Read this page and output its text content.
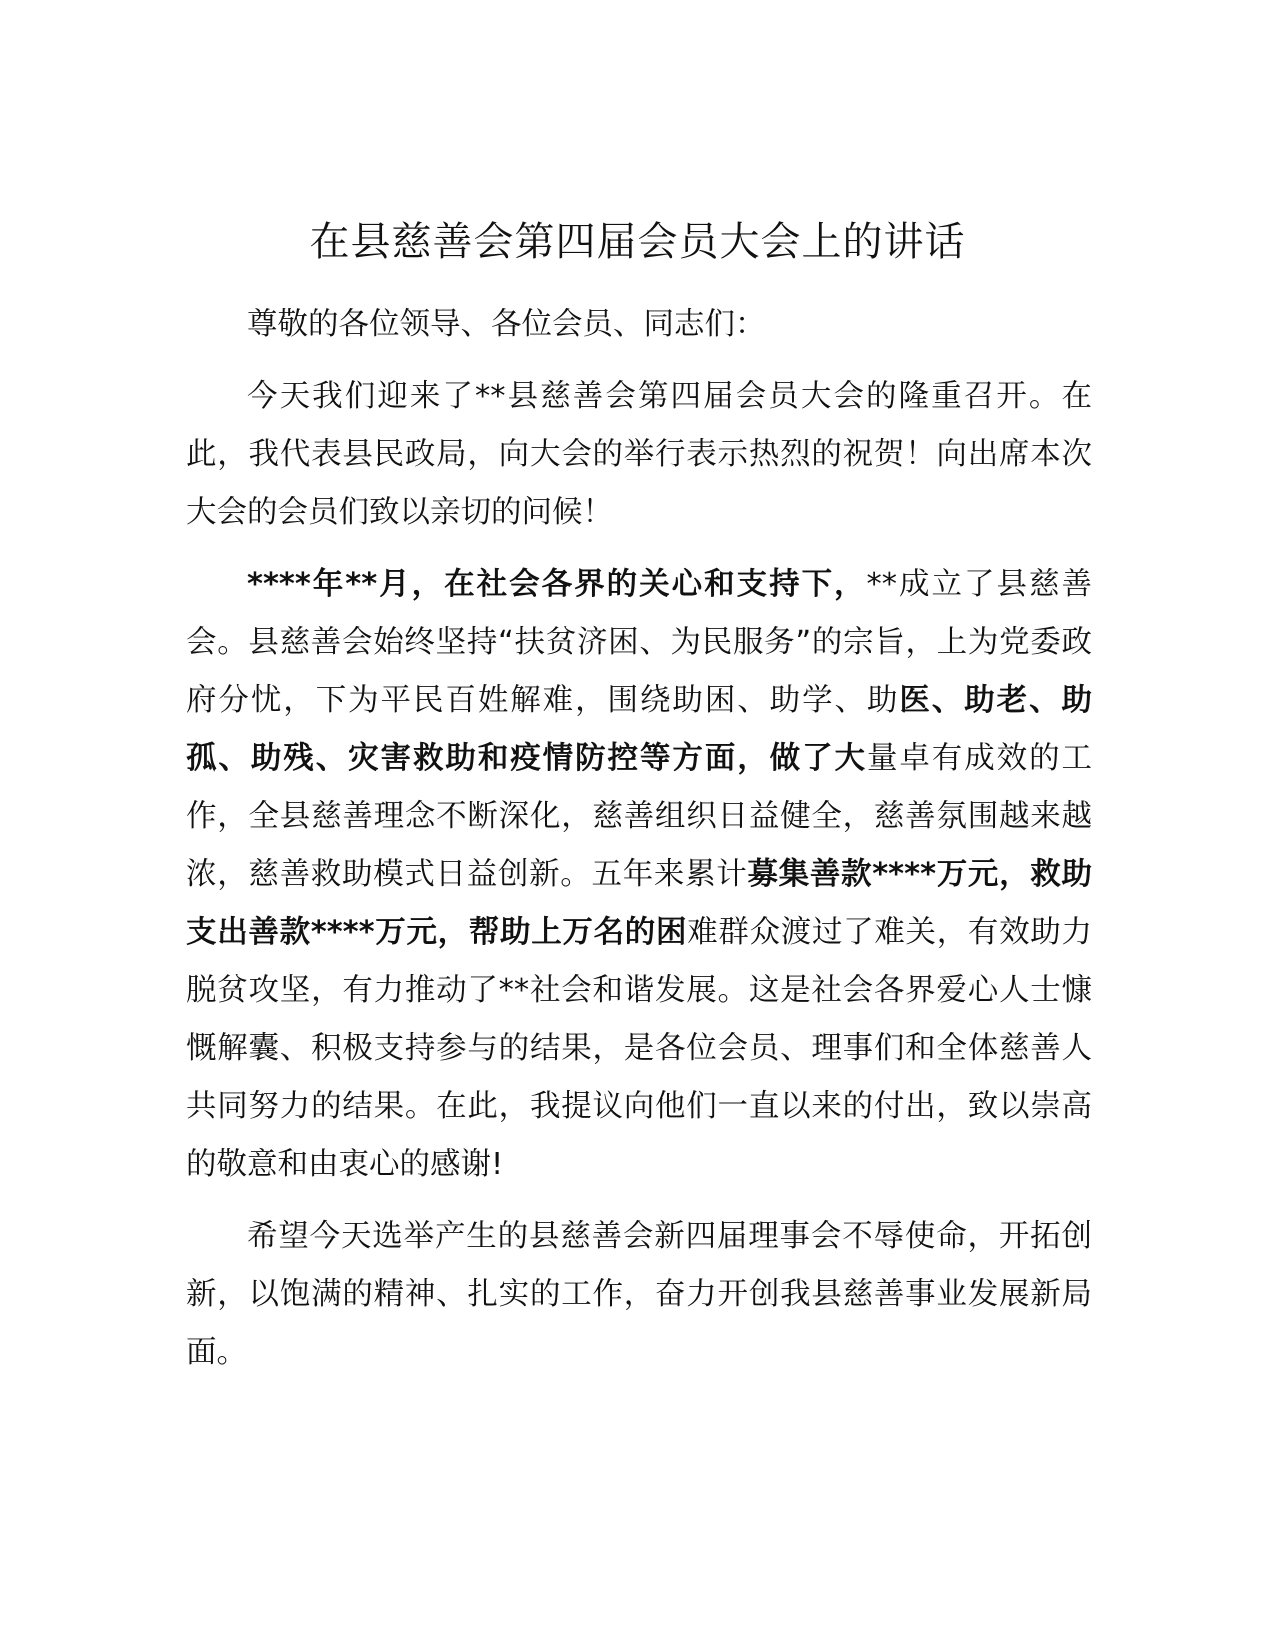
在县慈善会第四届会员大会上的讲话

尊敬的各位领导、各位会员、同志们：

今天我们迎来了**县慈善会第四届会员大会的隆重召开。在此，我代表县民政局，向大会的举行表示热烈的祝贺！向出席本次大会的会员们致以亲切的问候！

****年**月，在社会各界的关心和支持下，**成立了县慈善会。县慈善会始终坚持“扶贫济困、为民服务”的宗旨，上为党委政府分忧，下为平民百姓解难，围绕助困、助学、助医、助老、助孤、助残、灾害救助和疫情防控等方面，做了大量卓有成效的工作，全县慈善理念不断深化，慈善组织日益健全，慈善氛围越来越浓，慈善救助模式日益创新。五年来累计募集善款****万元，救助支出善款****万元，帮助上万名的困难群众渡过了难关，有效助力脱贫攻坚，有力推动了**社会和谐发展。这是社会各界爱心人士慷慨解囊、积极支持参与的结果，是各位会员、理事们和全体慈善人共同努力的结果。在此，我提议向他们一直以来的付出，致以崇高的敬意和由衷心的感谢!

希望今天选举产生的县慈善会新四届理事会不辱使命，开拓创新，以饱满的精神、扎实的工作，奋力开创我县慈善事业发展新局面。
